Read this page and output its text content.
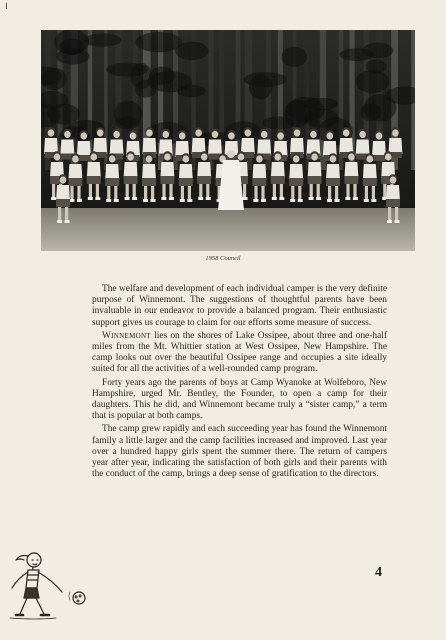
1958 Council

The welfare and development of each individual camper is the very definite purpose of Winnemont. The suggestions of thoughtful parents have been invaluable in our endeavor to provide a balanced program. Their enthusiastic support gives us courage to claim for our efforts some measure of success.

Winnemont lies on the shores of Lake Ossipee, about three and one-half miles from the Mt. Whittier station at West Ossipee, New Hampshire. The camp looks out over the beautiful Ossipee range and occupies a site ideally suited for all the activities of a well-rounded camp program.

Forty years ago the parents of boys at Camp Wyanoke at Wolfeboro, New Hampshire, urged Mr. Bentley, the Founder, to open a camp for their daughters. This he did, and Winnemont became truly a “sister camp,” a term that is popular at both camps.

The camp grew rapidly and each succeeding year has found the Winnemont family a little larger and the camp facilities increased and improved. Last year over a hundred happy girls spent the summer there. The return of campers year after year, indicating the satisfaction of both girls and their parents with the conduct of the camp, brings a deep sense of gratification to the directors.

4
